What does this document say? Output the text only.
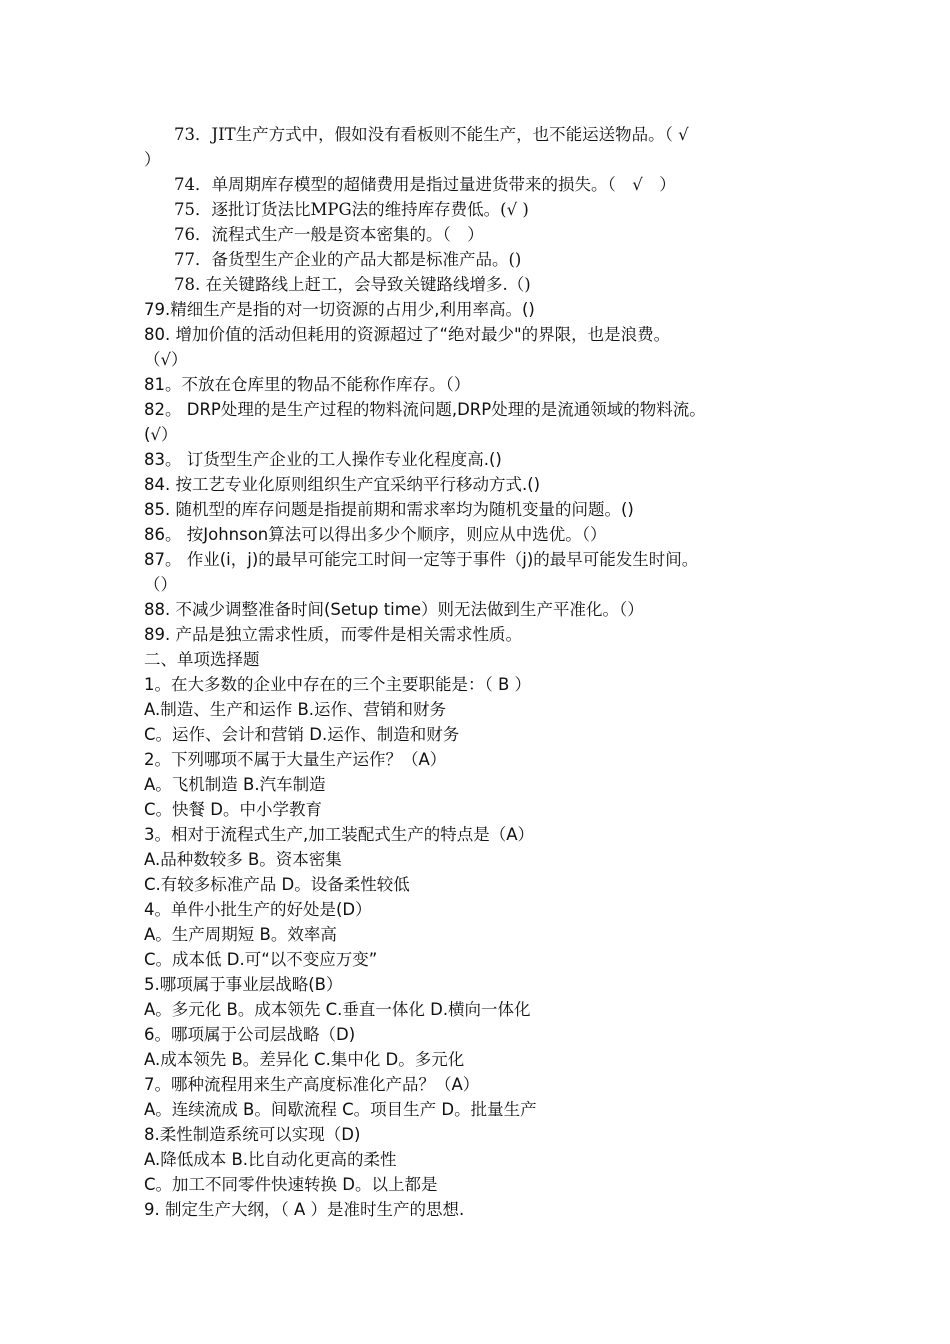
73．JIT生产方式中，假如没有看板则不能生产，也不能运送物品。（ √
）
74．单周期库存模型的超储费用是指过量进货带来的损失。（　√　）
75．逐批订货法比MPG法的维持库存费低。(√ )
76．流程式生产一般是资本密集的。（　）
77．备货型生产企业的产品大都是标准产品。()
78. 在关键路线上赶工，会导致关键路线增多.（)
79.精细生产是指的对一切资源的占用少,利用率高。()
80. 增加价值的活动但耗用的资源超过了“绝对最少"的界限，也是浪费。
（√）
81。不放在仓库里的物品不能称作库存。（）
82。 DRP处理的是生产过程的物料流问题,DRP处理的是流通领域的物料流。
(√）
83。 订货型生产企业的工人操作专业化程度高.()
84. 按工艺专业化原则组织生产宜采纳平行移动方式.()
85. 随机型的库存问题是指提前期和需求率均为随机变量的问题。()
86。 按Johnson算法可以得出多少个顺序，则应从中选优。（）
87。 作业(i，j)的最早可能完工时间一定等于事件（j)的最早可能发生时间。
（）
88. 不减少调整准备时间(Setup time）则无法做到生产平准化。（）
89. 产品是独立需求性质，而零件是相关需求性质。
二、单项选择题
1。在大多数的企业中存在的三个主要职能是：（ B ）
A.制造、生产和运作 B.运作、营销和财务
C。运作、会计和营销 D.运作、制造和财务
2。下列哪项不属于大量生产运作？（A）
A。飞机制造 B.汽车制造
C。快餐 D。中小学教育
3。相对于流程式生产,加工装配式生产的特点是（A）
A.品种数较多 B。资本密集
C.有较多标准产品 D。设备柔性较低
4。单件小批生产的好处是(D）
A。生产周期短 B。效率高
C。成本低 D.可“以不变应万变”
5.哪项属于事业层战略(B）
A。多元化 B。成本领先 C.垂直一体化 D.横向一体化
6。哪项属于公司层战略（D)
A.成本领先 B。差异化 C.集中化 D。多元化
7。哪种流程用来生产高度标准化产品？（A）
A。连续流成 B。间歇流程 C。项目生产 D。批量生产
8.柔性制造系统可以实现（D)
A.降低成本 B.比自动化更高的柔性
C。加工不同零件快速转换 D。以上都是
9. 制定生产大纲，（ A ）是准时生产的思想.
